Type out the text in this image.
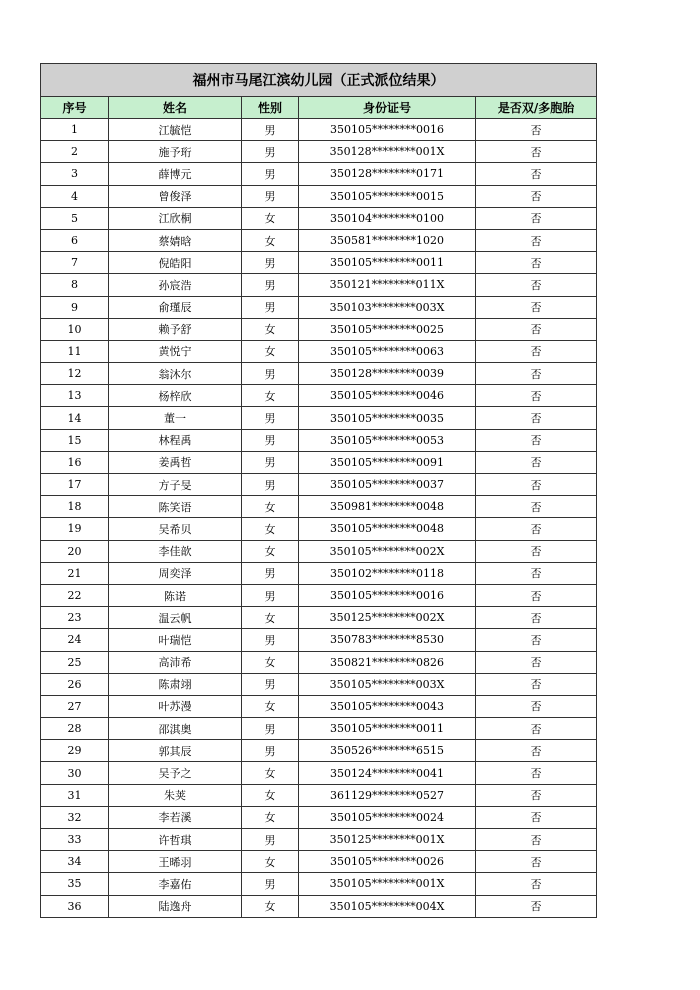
福州市马尾江滨幼儿园（正式派位结果）				
序号	姓名	性别	身份证号	是否双/多胞胎
1	江毓恺	男	350105********0016	否
2	施予珩	男	350128********001X	否
3	薛博元	男	350128********0171	否
4	曾俊泽	男	350105********0015	否
5	江欣桐	女	350104********0100	否
6	蔡婧晗	女	350581********1020	否
7	倪皓阳	男	350105********0011	否
8	孙宸浩	男	350121********011X	否
9	俞瑾辰	男	350103********003X	否
10	赖予舒	女	350105********0025	否
11	黄悦宁	女	350105********0063	否
12	翁沐尔	男	350128********0039	否
13	杨梓欣	女	350105********0046	否
14	董一	男	350105********0035	否
15	林程禹	男	350105********0053	否
16	姜禹哲	男	350105********0091	否
17	方子旻	男	350105********0037	否
18	陈笑语	女	350981********0048	否
19	吴希贝	女	350105********0048	否
20	李佳歆	女	350105********002X	否
21	周奕泽	男	350102********0118	否
22	陈诺	男	350105********0016	否
23	温云帆	女	350125********002X	否
24	叶瑞恺	男	350783********8530	否
25	高沛希	女	350821********0826	否
26	陈肃翊	男	350105********003X	否
27	叶苏漫	女	350105********0043	否
28	邵淇奥	男	350105********0011	否
29	郭其辰	男	350526********6515	否
30	吴予之	女	350124********0041	否
31	朱荚	女	361129********0527	否
32	李若溪	女	350105********0024	否
33	许哲琪	男	350125********001X	否
34	王晞羽	女	350105********0026	否
35	李嘉佑	男	350105********001X	否
36	陆逸舟	女	350105********004X	否
